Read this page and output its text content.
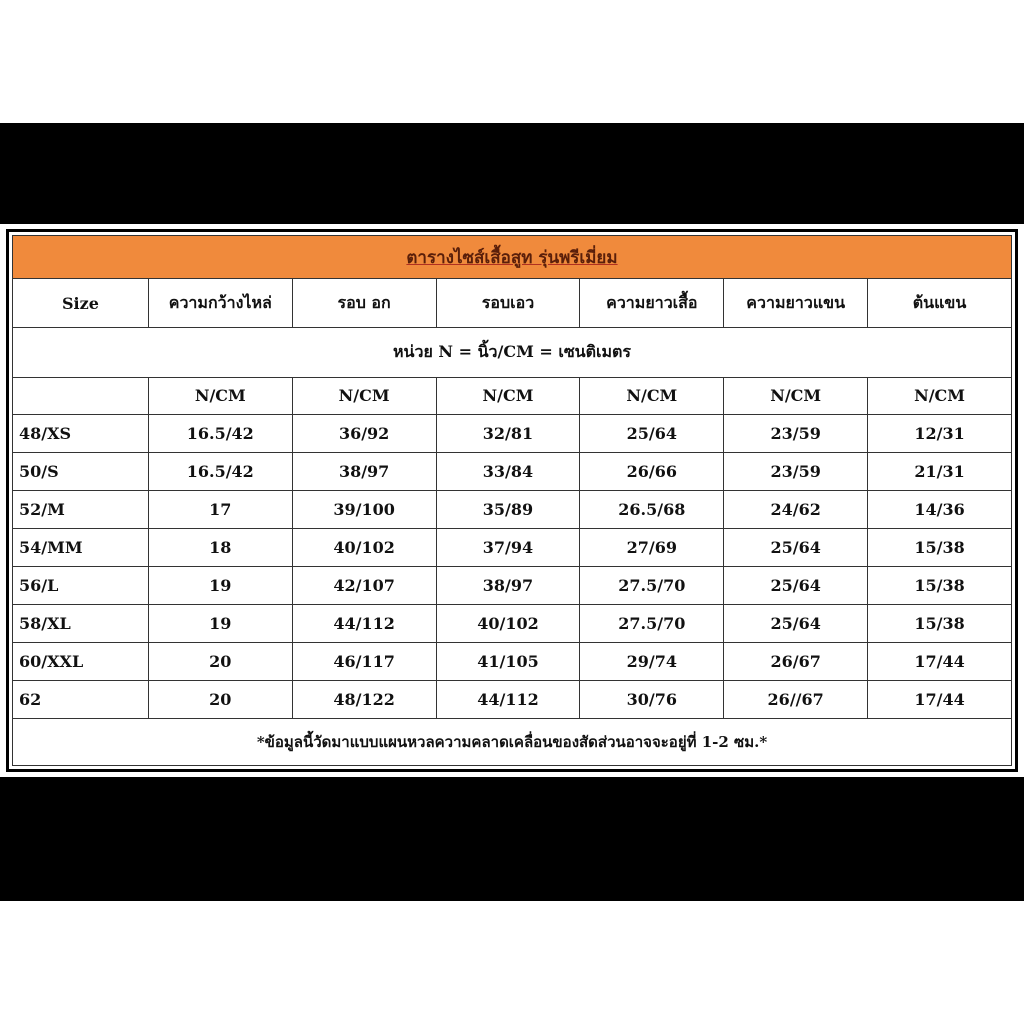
ตารางไซส์เสื้อสูท รุ่นพรีเมี่ยม						
Size	ความกว้างไหล่	รอบ อก	รอบเอว	ความยาวเสื้อ	ความยาวแขน	ต้นแขน
หน่วย N = นิ้ว/CM = เซนติเมตร						
	N/CM	N/CM	N/CM	N/CM	N/CM	N/CM
48/XS	16.5/42	36/92	32/81	25/64	23/59	12/31
50/S	16.5/42	38/97	33/84	26/66	23/59	21/31
52/M	17	39/100	35/89	26.5/68	24/62	14/36
54/MM	18	40/102	37/94	27/69	25/64	15/38
56/L	19	42/107	38/97	27.5/70	25/64	15/38
58/XL	19	44/112	40/102	27.5/70	25/64	15/38
60/XXL	20	46/117	41/105	29/74	26/67	17/44
62	20	48/122	44/112	30/76	26//67	17/44
*ข้อมูลนี้วัดมาแบบแผนหวลความคลาดเคลื่อนของสัดส่วนอาจจะอยู่ที่ 1-2 ซม.*						
